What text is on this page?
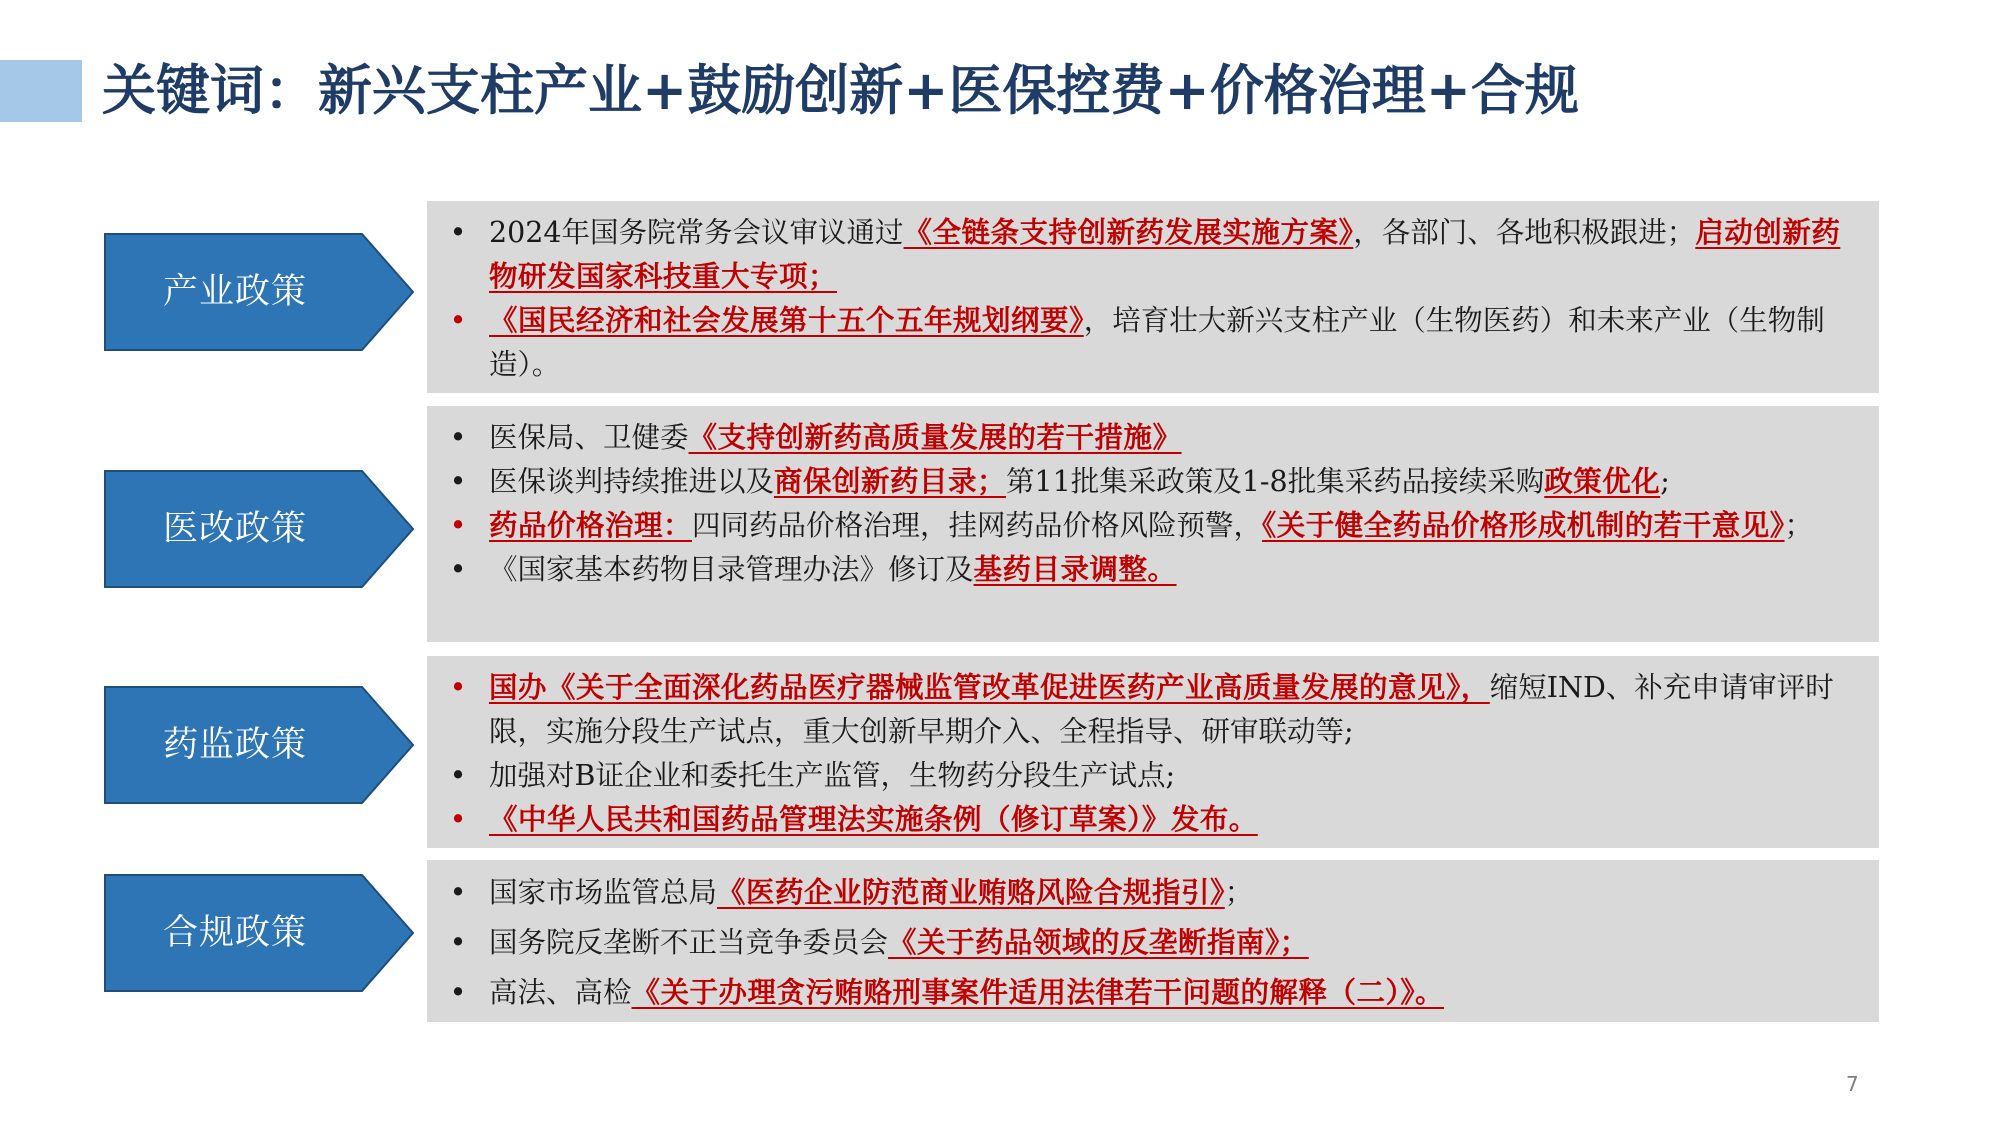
关键词：新兴支柱产业+鼓励创新+医保控费+价格治理+合规
产业政策
• 2024年国务院常务会议审议通过《全链条支持创新药发展实施方案》，各部门、各地积极跟进；启动创新药物研发国家科技重大专项；
• 《国民经济和社会发展第十五个五年规划纲要》，培育壮大新兴支柱产业（生物医药）和未来产业（生物制造）。
医改政策
• 医保局、卫健委《支持创新药高质量发展的若干措施》
• 医保谈判持续推进以及商保创新药目录；第11批集采政策及1-8批集采药品接续采购政策优化;
• 药品价格治理：四同药品价格治理，挂网药品价格风险预警，《关于健全药品价格形成机制的若干意见》；
• 《国家基本药物目录管理办法》修订及基药目录调整。
药监政策
• 国办《关于全面深化药品医疗器械监管改革促进医药产业高质量发展的意见》，缩短IND、补充申请审评时限，实施分段生产试点，重大创新早期介入、全程指导、研审联动等;
• 加强对B证企业和委托生产监管，生物药分段生产试点;
• 《中华人民共和国药品管理法实施条例（修订草案）》发布。
合规政策
• 国家市场监管总局《医药企业防范商业贿赂风险合规指引》；
• 国务院反垄断不正当竞争委员会《关于药品领域的反垄断指南》；
• 高法、高检《关于办理贪污贿赂刑事案件适用法律若干问题的解释（二）》。
7
